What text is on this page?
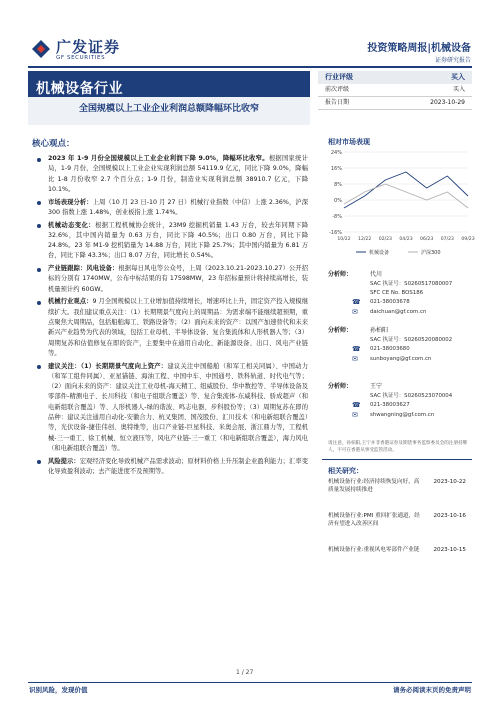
广发证券
GF SECURITIES
投资策略周报|机械设备
证券研究报告
机械设备行业
全国规模以上工业企业利润总额降幅环比收窄
行业评级	买入
前次评级	买入
报告日期	2023-10-29
核心观点：

2023 年 1-9 月份全国规模以上工业企业利润下降 9.0%，降幅环比收窄。根据国家统计局，1-9 月份，全国规模以上工业企业实现利润总额 54119.9 亿元，同比下降 9.0%，降幅比 1-8 月份收窄 2.7 个百分点；1-9 月份，制造业实现利润总额 38910.7 亿元，下降 10.1%。

市场表现分析：上周（10 月 23 日-10 月 27 日）机械行业指数（中信）上涨 2.36%，沪深 300 指数上涨 1.48%，创业板指上涨 1.74%。

机械动态变化：根据工程机械协会统计，23M9 挖掘机销量 1.43 万台，较去年同期下降 32.6%，其中国内销量为 0.63 万台，同比下降 40.5%；出口 0.80 万台，同比下降 24.8%。23 年 M1-9 挖机销量为 14.88 万台，同比下降 25.7%；其中国内销量为 6.81 万台，同比下降 43.3%；出口 8.07 万台，同比增长 0.54%。

产业链跟踪：风电设备：根据每日风电等公众号，上周（2023.10.21-2023.10.27）公开招标的分别有 1740MW，公布中标结果的有 17598MW，23 年招标量预计将持续高增长，装机量预计约 60GW。

机械行业观点：9 月全国规模以上工业增加值持续增长，增速环比上升，固定资产投入规模继续扩大。我们建议重点关注：（1）长期期景气度向上的周期品：为需求端不能继续超预期，重点聚焦大周期品，包括船舶海工、铁路设备等；（2）面向未来的资产：以国产加速替代和未来新兴产业趋势为代表的领域，包括工业母机、半导体设备、复合集流体和人形机器人等；（3）周期复苏和估值修复在即的资产，主要集中在通用自动化、新能源设备、出口、风电产业链等。

建议关注：（1）长期期景气度向上资产：建议关注中国船舶（和军工相关同属）、中国动力（和军工组件同属）、亚星锚链、海油工程、中国中车、中国通号、铁科轨道、时代电气等；（2）面向未来的资产：建议关注工业母机-海天精工、纽威股份、华中数控等、半导体设备及零部件-精测电子、长川科技（和电子组联合覆盖）等、复合集流体-东威科技、骄成超声（和电新组联合覆盖）等、人形机器人-绿的谐波、鸣志电器、步科股份等；（3）周期复苏在即的品种：建议关注通用自动化-安徽合力、杭叉集团、国茂股份、汇川技术（和电新组联合覆盖）等，光伏设备-捷佳伟创、奥特维等，出口产业链-巨星科技、米奥会展、浙江鼎力等，工程机械-三一重工、徐工机械、恒立液压等，风电产业链-三一重工（和电新组联合覆盖），海力风电（和电新组联合覆盖）等。

风险提示：宏观经济变化导致机械产品需求波动；原材料价格上升压制企业盈利能力；汇率变化导致盈利波动；去产能进度不及预期等。

相对市场表现
24%
16%
8%
0%
-8%
-16%
10/22 12/22 02/23 04/23 06/23 07/23 09/23
机械设备	沪深300
分析师：	代川
SAC 执证号：S0260517080007
SFC CE No. BOS186
☎ 021-38003678
✉ daichuan@gf.com.cn
分析师：	孙柏阳
SAC 执证号：S0260520080002
☎ 021-38003680
✉ sunboyang@gf.com.cn
分析师：	王宁
SAC 执证号：S0260523070004
☎ 021-38003627
✉ shwangning@gf.com.cn
请注意，孙柏阳,王宁并非香港证券及期货事务监察委员会的注册持牌人，不可在香港从事受监管活动。
相关研究：
机械设备行业:经济持续恢复向好，高质量发展持续推进
2023-10-22
机械设备行业:PMI 重回扩张通道，经济有望进入改善区间
2023-10-16
机械设备行业:重视风电零部件产业链	2023-10-15
1 / 27
识别风险，发现价值	请务必阅读末页的免责声明
